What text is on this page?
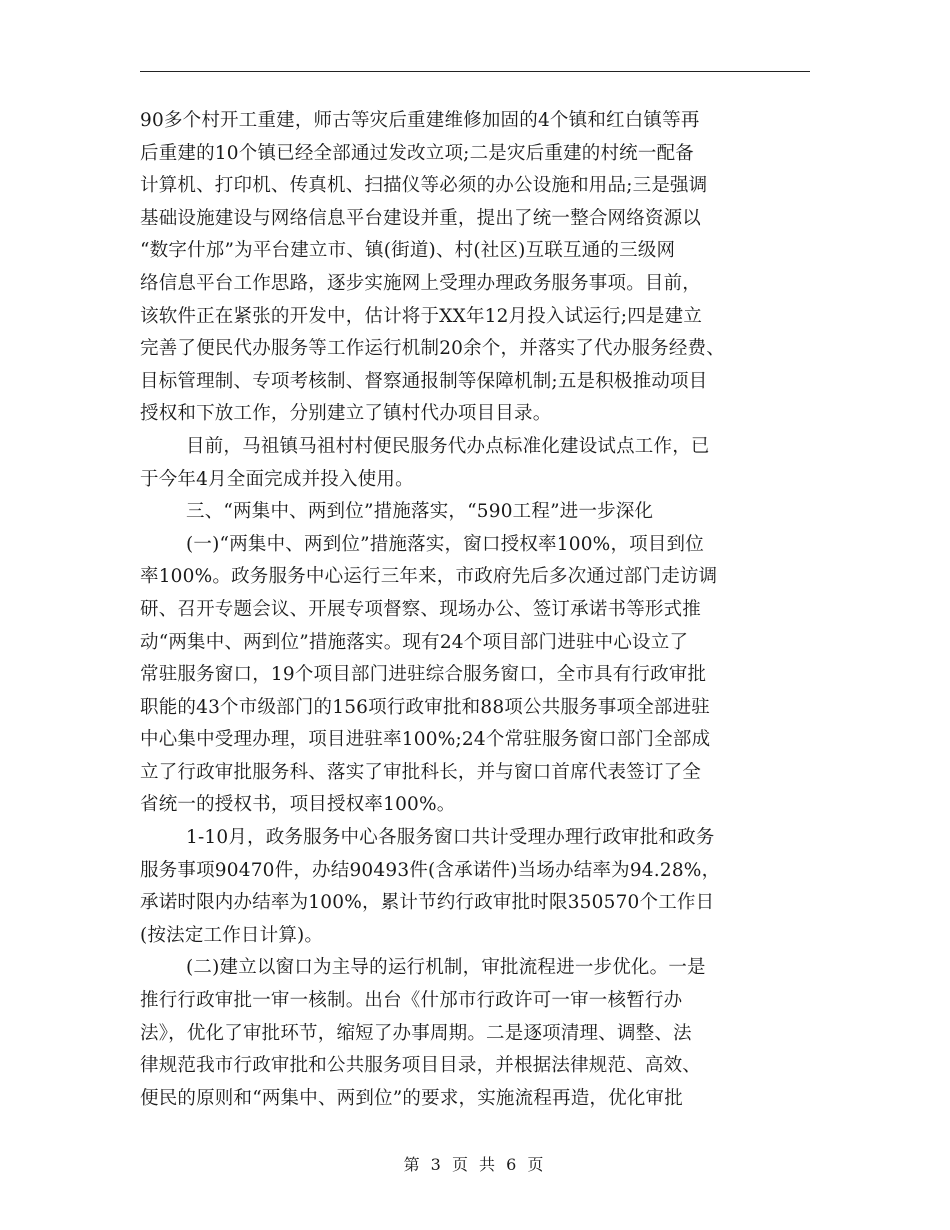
90多个村开工重建，师古等灾后重建维修加固的4个镇和红白镇等再
后重建的10个镇已经全部通过发改立项;二是灾后重建的村统一配备
计算机、打印机、传真机、扫描仪等必须的办公设施和用品;三是强调
基础设施建设与网络信息平台建设并重，提出了统一整合网络资源以
“数字什邡”为平台建立市、镇(街道)、村(社区)互联互通的三级网
络信息平台工作思路，逐步实施网上受理办理政务服务事项。目前，
该软件正在紧张的开发中，估计将于XX年12月投入试运行;四是建立
完善了便民代办服务等工作运行机制20余个，并落实了代办服务经费、
目标管理制、专项考核制、督察通报制等保障机制;五是积极推动项目
授权和下放工作，分别建立了镇村代办项目目录。
目前，马祖镇马祖村村便民服务代办点标准化建设试点工作，已
于今年4月全面完成并投入使用。
三、“两集中、两到位”措施落实，“590工程”进一步深化
(一)“两集中、两到位”措施落实，窗口授权率100%，项目到位
率100%。政务服务中心运行三年来，市政府先后多次通过部门走访调
研、召开专题会议、开展专项督察、现场办公、签订承诺书等形式推
动“两集中、两到位”措施落实。现有24个项目部门进驻中心设立了
常驻服务窗口，19个项目部门进驻综合服务窗口，全市具有行政审批
职能的43个市级部门的156项行政审批和88项公共服务事项全部进驻
中心集中受理办理，项目进驻率100%;24个常驻服务窗口部门全部成
立了行政审批服务科、落实了审批科长，并与窗口首席代表签订了全
省统一的授权书，项目授权率100%。
1-10月，政务服务中心各服务窗口共计受理办理行政审批和政务
服务事项90470件，办结90493件(含承诺件)当场办结率为94.28%，
承诺时限内办结率为100%，累计节约行政审批时限350570个工作日
(按法定工作日计算)。
(二)建立以窗口为主导的运行机制，审批流程进一步优化。一是
推行行政审批一审一核制。出台《什邡市行政许可一审一核暂行办
法》，优化了审批环节，缩短了办事周期。二是逐项清理、调整、法
律规范我市行政审批和公共服务项目目录，并根据法律规范、高效、
便民的原则和“两集中、两到位”的要求，实施流程再造，优化审批
第 3 页 共 6 页
